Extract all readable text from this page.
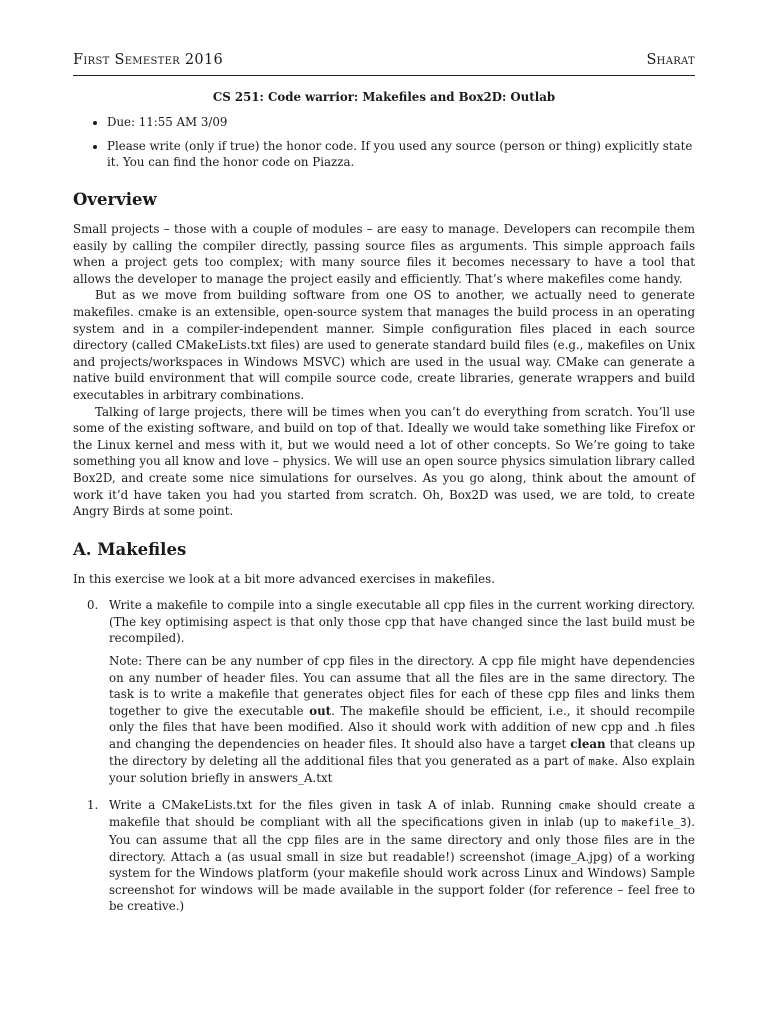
First Semester 2016	Sharat
CS 251: Code warrior: Makefiles and Box2D: Outlab
• Due: 11:55 AM 3/09
• Please write (only if true) the honor code. If you used any source (person or thing) explicitly state it. You can find the honor code on Piazza.
Overview

Small projects – those with a couple of modules – are easy to manage. Developers can recompile them easily by calling the compiler directly, passing source files as arguments. This simple approach fails when a project gets too complex; with many source files it becomes necessary to have a tool that allows the developer to manage the project easily and efficiently. That’s where makefiles come handy.

But as we move from building software from one OS to another, we actually need to generate makefiles. cmake is an extensible, open-source system that manages the build process in an operating system and in a compiler-independent manner. Simple configuration files placed in each source directory (called CMakeLists.txt files) are used to generate standard build files (e.g., makefiles on Unix and projects/workspaces in Windows MSVC) which are used in the usual way. CMake can generate a native build environment that will compile source code, create libraries, generate wrappers and build executables in arbitrary combinations.

Talking of large projects, there will be times when you can’t do everything from scratch. You’ll use some of the existing software, and build on top of that. Ideally we would take something like Firefox or the Linux kernel and mess with it, but we would need a lot of other concepts. So We’re going to take something you all know and love – physics. We will use an open source physics simulation library called Box2D, and create some nice simulations for ourselves. As you go along, think about the amount of work it’d have taken you had you started from scratch. Oh, Box2D was used, we are told, to create Angry Birds at some point.

A. Makefiles

In this exercise we look at a bit more advanced exercises in makefiles.

0. Write a makefile to compile into a single executable all cpp files in the current working directory. (The key optimising aspect is that only those cpp that have changed since the last build must be recompiled).

Note: There can be any number of cpp files in the directory. A cpp file might have dependencies on any number of header files. You can assume that all the files are in the same directory. The task is to write a makefile that generates object files for each of these cpp files and links them together to give the executable out. The makefile should be efficient, i.e., it should recompile only the files that have been modified. Also it should work with addition of new cpp and .h files and changing the dependencies on header files. It should also have a target clean that cleans up the directory by deleting all the additional files that you generated as a part of make. Also explain your solution briefly in answers_A.txt

1. Write a CMakeLists.txt for the files given in task A of inlab. Running cmake should create a makefile that should be compliant with all the specifications given in inlab (up to makefile_3). You can assume that all the cpp files are in the same directory and only those files are in the directory. Attach a (as usual small in size but readable!) screenshot (image_A.jpg) of a working system for the Windows platform (your makefile should work across Linux and Windows) Sample screenshot for windows will be made available in the support folder (for reference – feel free to be creative.)
